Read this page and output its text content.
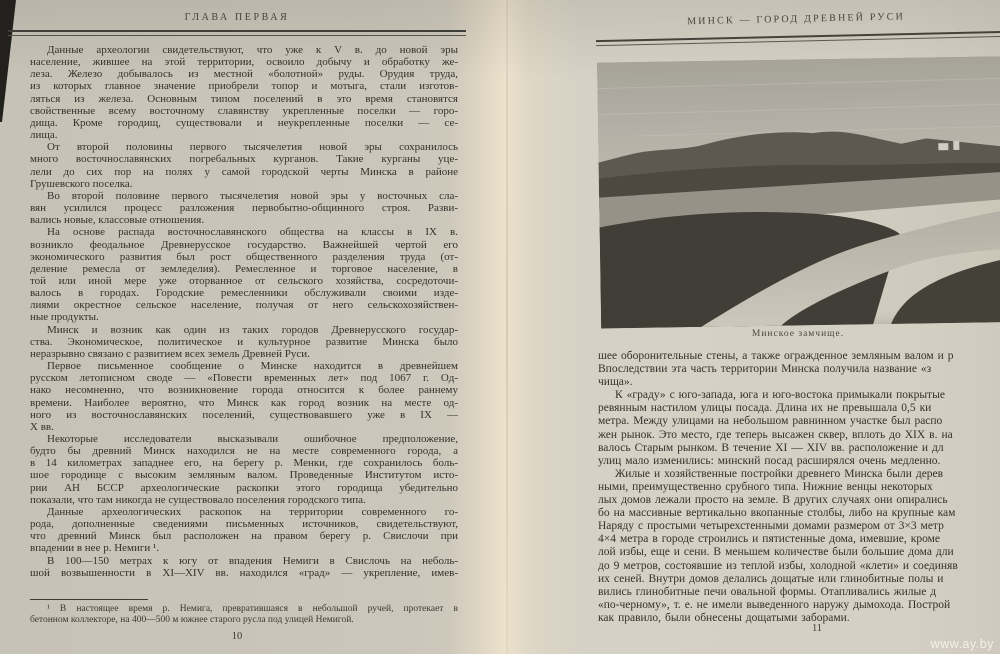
ГЛАВА ПЕРВАЯ
Данные археологии свидетельствуют, что уже к V в. до новой эры
население, жившее на этой территории, освоило добычу и обработку же-
леза. Железо добывалось из местной «болотной» руды. Орудия труда,
из которых главное значение приобрели топор и мотыга, стали изготов-
ляться из железа. Основным типом поселений в это время становятся
свойственные всему восточному славянству укрепленные поселки — горо-
дища. Кроме городищ, существовали и неукрепленные поселки — се-
лища.
От второй половины первого тысячелетия новой эры сохранилось
много восточнославянских погребальных курганов. Такие курганы уце-
лели до сих пор на полях у самой городской черты Минска в районе
Грушевского поселка.
Во второй половине первого тысячелетия новой эры у восточных сла-
вян усилился процесс разложения первобытно-общинного строя. Разви-
вались новые, классовые отношения.
На основе распада восточнославянского общества на классы в IX в.
возникло феодальное Древнерусское государство. Важнейшей чертой его
экономического развития был рост общественного разделения труда (от-
деление ремесла от земледелия). Ремесленное и торговое население, в
той или иной мере уже оторванное от сельского хозяйства, сосредоточи-
валось в городах. Городские ремесленники обслуживали своими изде-
лиями окрестное сельское население, получая от него сельскохозяйствен-
ные продукты.
Минск и возник как один из таких городов Древнерусского государ-
ства. Экономическое, политическое и культурное развитие Минска было
неразрывно связано с развитием всех земель Древней Руси.
Первое письменное сообщение о Минске находится в древнейшем
русском летописном своде — «Повести временных лет» под 1067 г. Од-
нако несомненно, что возникновение города относится к более раннему
времени. Наиболее вероятно, что Минск как город возник на месте од-
ного из восточнославянских поселений, существовавшего уже в IX —
X вв.
Некоторые исследователи высказывали ошибочное предположение,
будто бы древний Минск находился не на месте современного города, а
в 14 километрах западнее его, на берегу р. Менки, где сохранилось боль-
шое городище с высоким земляным валом. Проведенные Институтом исто-
рии АН БССР археологические раскопки этого городища убедительно
показали, что там никогда не существовало поселения городского типа.
Данные археологических раскопок на территории современного го-
рода, дополненные сведениями письменных источников, свидетельствуют,
что древний Минск был расположен на правом берегу р. Свислочи при
впадении в нее р. Немиги ¹.
В 100—150 метрах к югу от впадения Немиги в Свислочь на неболь-
шой возвышенности в XI—XIV вв. находился «град» — укрепление, имев-
¹ В настоящее время р. Немига, превратившаяся в небольшой ручей, протекает в
бетонном коллекторе, на 400—500 м южнее старого русла под улицей Немигой.
10
МИНСК — ГОРОД ДРЕВНЕЙ РУСИ
Минское замчище.
шее оборонительные стены, а также огражденное земляным валом и р
Впоследствии эта часть территории Минска получила название «з
чища».
К «граду» с юго-запада, юга и юго-востока примыкали покрытые
ревянным настилом улицы посада. Длина их не превышала 0,5 ки
метра. Между улицами на небольшом равнинном участке был распо
жен рынок. Это место, где теперь высажен сквер, вплоть до XIX в. на
валось Старым рынком. В течение XI — XIV вв. расположение и дл
улиц мало изменились: минский посад расширялся очень медленно.
Жилые и хозяйственные постройки древнего Минска были дерев
ными, преимущественно срубного типа. Нижние венцы некоторых
лых домов лежали просто на земле. В других случаях они опирались
бо на массивные вертикально вкопанные столбы, либо на крупные кам
Наряду с простыми четырехстенными домами размером от 3×3 метр
4×4 метра в городе строились и пятистенные дома, имевшие, кроме
лой избы, еще и сени. В меньшем количестве были большие дома дли
до 9 метров, состоявшие из теплой избы, холодной «клети» и соединяв
их сеней. Внутри домов делались дощатые или глинобитные полы и
вились глинобитные печи овальной формы. Отапливались жилые д
«по-черному», т. е. не имели выведенного наружу дымохода. Построй
как правило, были обнесены дощатыми заборами.
11
www.ay.by
